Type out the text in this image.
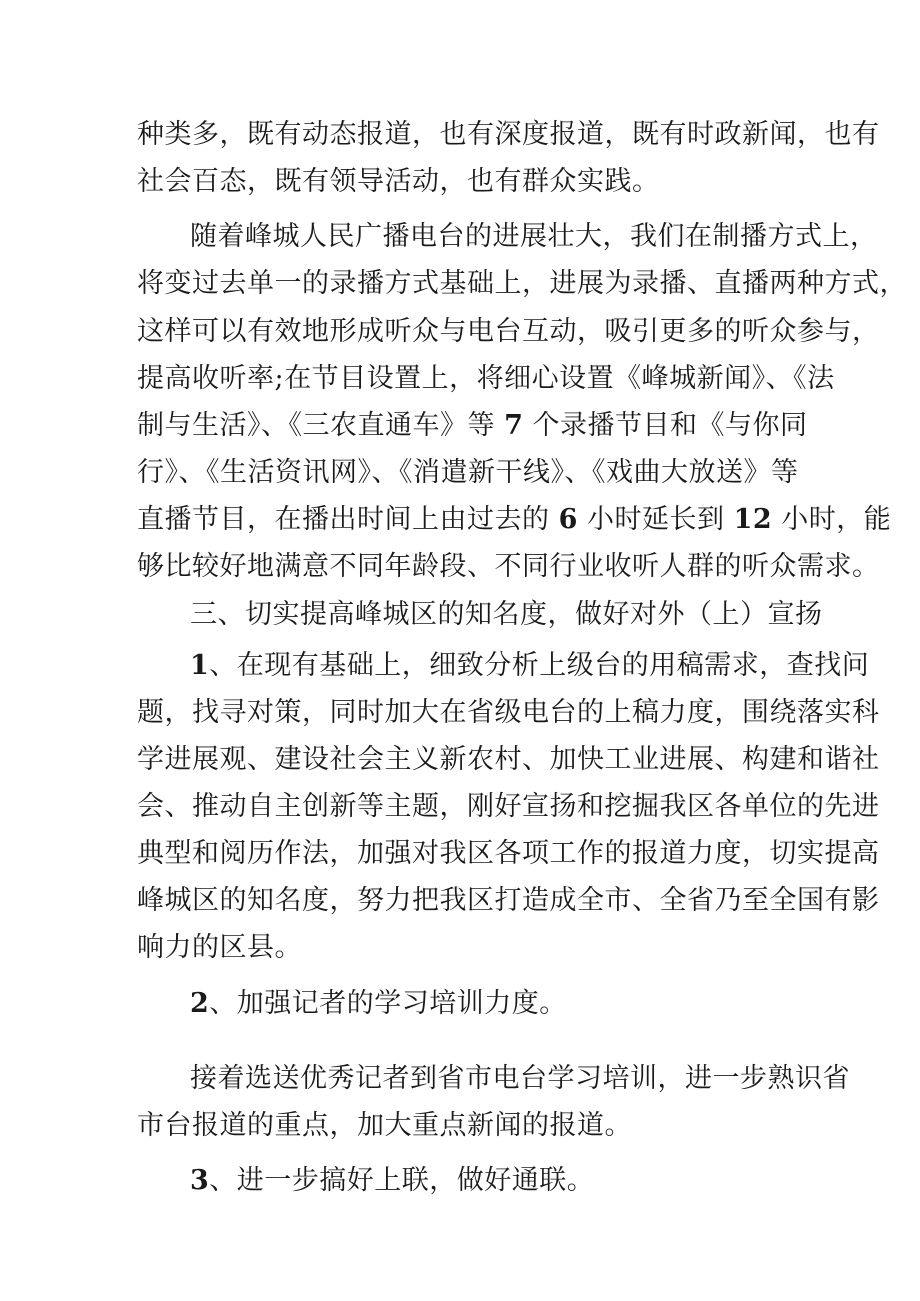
种类多，既有动态报道，也有深度报道，既有时政新闻，也有
社会百态，既有领导活动，也有群众实践。
随着峰城人民广播电台的进展壮大，我们在制播方式上，
将变过去单一的录播方式基础上，进展为录播、直播两种方式，
这样可以有效地形成听众与电台互动，吸引更多的听众参与，
提高收听率;在节目设置上，将细心设置《峰城新闻》、《法
制与生活》、《三农直通车》等 7 个录播节目和《与你同
行》、《生活资讯网》、《消遣新干线》、《戏曲大放送》等
直播节目，在播出时间上由过去的 6 小时延长到 12 小时，能
够比较好地满意不同年龄段、不同行业收听人群的听众需求。
三、切实提高峰城区的知名度，做好对外（上）宣扬
1、在现有基础上，细致分析上级台的用稿需求，查找问
题，找寻对策，同时加大在省级电台的上稿力度，围绕落实科
学进展观、建设社会主义新农村、加快工业进展、构建和谐社
会、推动自主创新等主题，刚好宣扬和挖掘我区各单位的先进
典型和阅历作法，加强对我区各项工作的报道力度，切实提高
峰城区的知名度，努力把我区打造成全市、全省乃至全国有影
响力的区县。
2、加强记者的学习培训力度。
接着选送优秀记者到省市电台学习培训，进一步熟识省
市台报道的重点，加大重点新闻的报道。
3、进一步搞好上联，做好通联。
